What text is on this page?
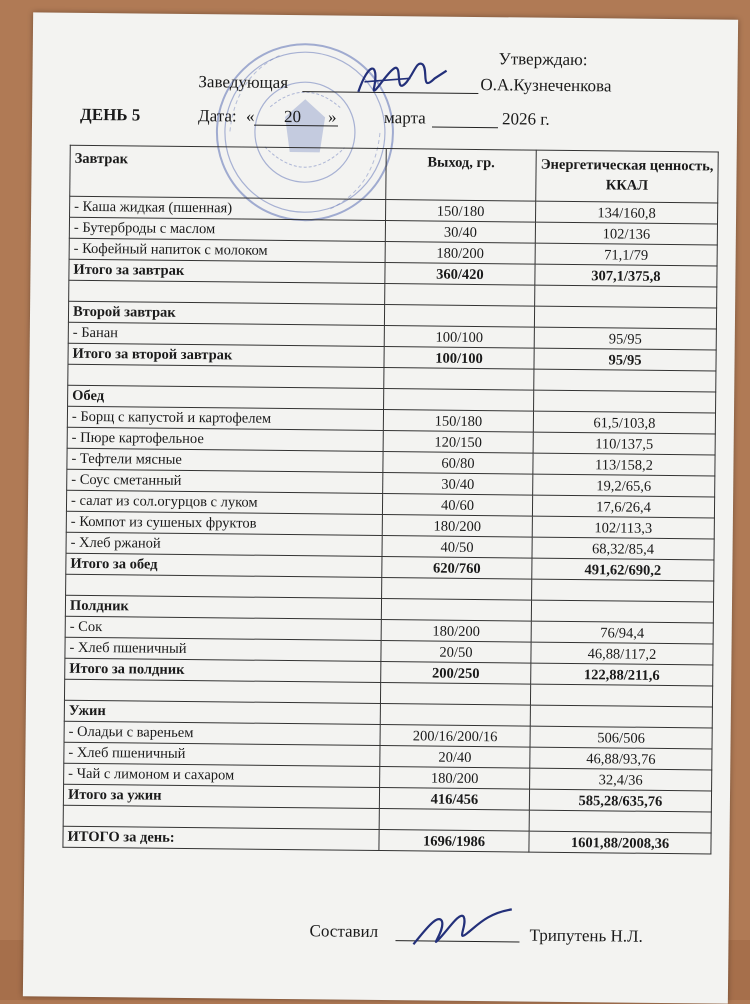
Утверждаю:
Заведующая	О.А.Кузнеченкова
ДЕНЬ 5	Дата: « 20 »	марта	2026 г.
Завтрак	Выход, гр.	Энергетическая ценность, ККАЛ
- Каша жидкая (пшенная)	150/180	134/160,8
- Бутерброды с маслом	30/40	102/136
- Кофейный напиток с молоком	180/200	71,1/79
Итого за завтрак	360/420	307,1/375,8

Второй завтрак		
- Банан	100/100	95/95
Итого за второй завтрак	100/100	95/95

Обед		
- Борщ с капустой и картофелем	150/180	61,5/103,8
- Пюре картофельное	120/150	110/137,5
- Тефтели мясные	60/80	113/158,2
- Соус сметанный	30/40	19,2/65,6
- салат из сол.огурцов с луком	40/60	17,6/26,4
- Компот из сушеных фруктов	180/200	102/113,3
- Хлеб ржаной	40/50	68,32/85,4
Итого за обед	620/760	491,62/690,2

Полдник		
- Сок	180/200	76/94,4
- Хлеб пшеничный	20/50	46,88/117,2
Итого за полдник	200/250	122,88/211,6

Ужин		
- Оладьи с вареньем	200/16/200/16	506/506
- Хлеб пшеничный	20/40	46,88/93,76
- Чай с лимоном и сахаром	180/200	32,4/36
Итого за ужин	416/456	585,28/635,76

ИТОГО за день:	1696/1986	1601,88/2008,36
Составил	Трипутень Н.Л.
